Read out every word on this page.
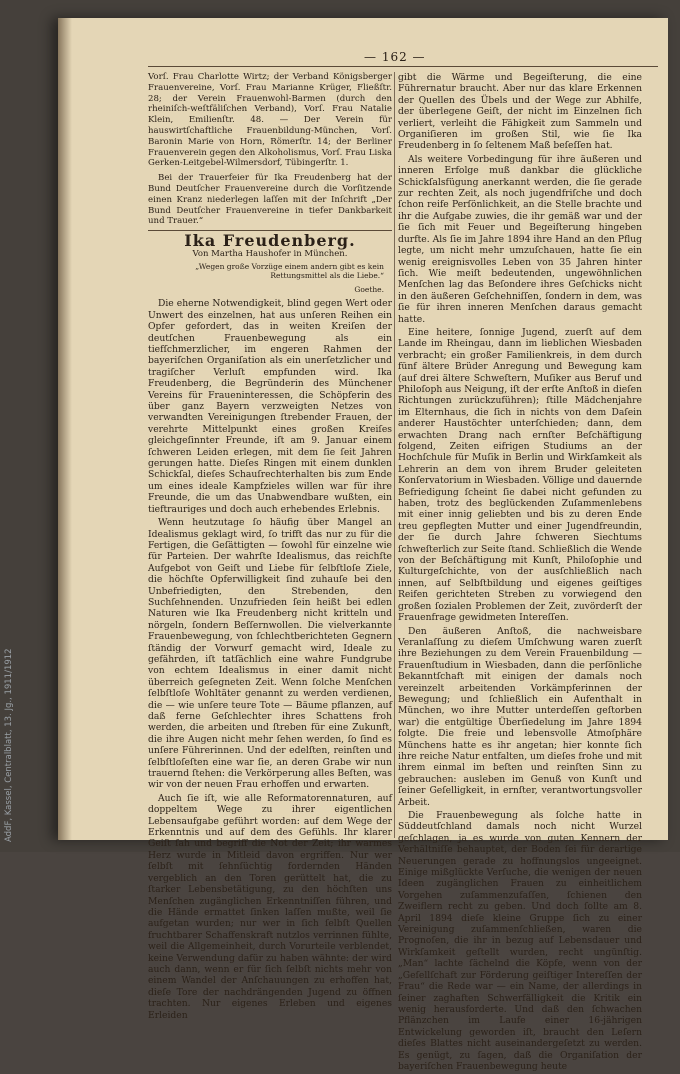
AddF, Kassel, Centralblatt, 13. Jg., 1911/1912
— 162 —

Vorſ. Frau Charlotte Wirtz; der Verband Königsberger Frauenvereine, Vorſ. Frau Marianne Krüger, Fließſtr. 28; der Verein Frauenwohl-Barmen (durch den rheiniſch-weſtfäliſchen Verband), Vorſ. Frau Natalie Klein, Emilienſtr. 48. — Der Verein für hauswirtſchaftliche Frauenbildung-München, Vorſ. Baronin Marie von Horn, Römerſtr. 14; der Berliner Frauenverein gegen den Alkoholismus, Vorſ. Frau Liska Gerken-Leitgebel-Wilmersdorf, Tübingerſtr. 1.

Bei der Trauerfeier für Ika Freudenberg hat der Bund Deutſcher Frauenvereine durch die Vorſitzende einen Kranz niederlegen laſſen mit der Inſchrift „Der Bund Deutſcher Frauenvereine in tiefer Dankbarkeit und Trauer.“

Ika Freudenberg.
Von Martha Haushofer in München.
„Wegen große Vorzüge einem andern gibt es kein Rettungsmittel als die Liebe.“
Goethe.

Die eherne Notwendigkeit, blind gegen Wert oder Unwert des einzelnen, hat aus unſeren Reihen ein Opfer gefordert, das in weiten Kreiſen der deutſchen Frauenbewegung als ein tiefſchmerzlicher, im engeren Rahmen der bayeriſchen Organiſation als ein unerſetzlicher und tragiſcher Verluſt empfunden wird. Ika Freudenberg, die Begründerin des Münchener Vereins für Fraueninteressen, die Schöpferin des über ganz Bayern verzweigten Netzes von verwandten Vereinigungen ſtrebender Frauen, der verehrte Mittelpunkt eines großen Kreiſes gleichgeſinnter Freunde, iſt am 9. Januar einem ſchweren Leiden erlegen, mit dem ſie ſeit Jahren gerungen hatte. Dieſes Ringen mit einem dunklen Schickſal, dieſes Schauſrechterhalten bis zum Ende um eines ideale Kampfzieles willen war für ihre Freunde, die um das Unabwendbare wußten, ein tieftrauriges und doch auch erhebendes Erlebnis.

Wenn heutzutage ſo häufig über Mangel an Idealismus geklagt wird, ſo trifft das nur zu für die Fertigen, die Geſättigten — ſowohl für einzelne wie für Parteien. Der wahrſte Idealismus, das reichſte Aufgebot von Geiſt und Liebe für ſelbſtloſe Ziele, die höchſte Opferwilligkeit ſind zuhauſe bei den Unbefriedigten, den Strebenden, den Suchſehnenden. Unzufrieden ſein heißt bei edlen Naturen wie Ika Freudenberg nicht kritteln und nörgeln, ſondern Beſſernwollen. Die vielverkannte Frauenbewegung, von ſchlechtberichteten Gegnern ſtändig der Vorwurf gemacht wird, Ideale zu gefährden, iſt tatſächlich eine wahre Fundgrube von echtem Idealismus in einer damit nicht überreich geſegneten Zeit. Wenn ſolche Menſchen ſelbſtloſe Wohltäter genannt zu werden verdienen, die — wie unſere teure Tote — Bäume pflanzen, auf daß ferne Geſchlechter ihres Schattens froh werden, die arbeiten und ſtreben für eine Zukunft, die ihre Augen nicht mehr ſehen werden, ſo ſind es unſere Führerinnen. Und der edelſten, reinſten und ſelbſtloſeſten eine war ſie, an deren Grabe wir nun trauernd ſtehen: die Verkörperung alles Beſten, was wir von der neuen Frau erhoffen und erwarten.

Auch ſie iſt, wie alle Reformatorennaturen, auf doppeltem Wege zu ihrer eigentlichen Lebensaufgabe geführt worden: auf dem Wege der Erkenntnis und auf dem des Gefühls. Ihr klarer Geiſt ſah und begriff die Not der Zeit; ihr warmes Herz wurde in Mitleid davon ergriffen. Nur wer ſelbſt mit ſehnſüchtig fordernden Händen vergeblich an den Toren gerüttelt hat, die zu ſtarker Lebensbetätigung, zu den höchſten uns Menſchen zugänglichen Erkenntniſſen führen, und die Hände ermattet ſinken laſſen mußte, weil ſie aufgetan wurden; nur wer in ſich ſelbſt Quellen fruchtbarer Schaffenskraft nutzlos verrinnen fühlte, weil die Allgemeinheit, durch Vorurteile verblendet, keine Verwendung dafür zu haben wähnte: der wird auch dann, wenn er für ſich ſelbſt nichts mehr von einem Wandel der Anſchauungen zu erhoffen hat, dieſe Tore der nachdrängenden Jugend zu öffnen trachten. Nur eigenes Erleben und eigenes Erleiden

gibt die Wärme und Begeiſterung, die eine Führernatur braucht. Aber nur das klare Erkennen der Quellen des Übels und der Wege zur Abhilfe, der überlegene Geiſt, der nicht im Einzelnen ſich verliert, verleiht die Fähigkeit zum Sammeln und Organiſieren im großen Stil, wie ſie Ika Freudenberg in ſo ſeltenem Maß beſeſſen hat.

Als weitere Vorbedingung für ihre äußeren und inneren Erfolge muß dankbar die glückliche Schickſalsfügung anerkannt werden, die ſie gerade zur rechten Zeit, als noch jugendfriſche und doch ſchon reife Perſönlichkeit, an die Stelle brachte und ihr die Aufgabe zuwies, die ihr gemäß war und der ſie ſich mit Feuer und Begeiſterung hingeben durfte. Als ſie im Jahre 1894 ihre Hand an den Pflug legte, um nicht mehr umzuſchauen, hatte ſie ein wenig ereignisvolles Leben von 35 Jahren hinter ſich. Wie meiſt bedeutenden, ungewöhnlichen Menſchen lag das Beſondere ihres Geſchicks nicht in den äußeren Geſchehniſſen, ſondern in dem, was ſie für ihren inneren Menſchen daraus gemacht hatte.

Eine heitere, ſonnige Jugend, zuerſt auf dem Lande im Rheingau, dann im lieblichen Wiesbaden verbracht; ein großer Familienkreis, in dem durch fünf ältere Brüder Anregung und Bewegung kam (auf drei ältere Schweſtern, Muſiker aus Beruf und Philoſoph aus Neigung, iſt der erſte Anſtoß in dieſen Richtungen zurückzuführen); ſtille Mädchenjahre im Elternhaus, die ſich in nichts von dem Daſein anderer Haustöchter unterſchieden; dann, dem erwachten Drang nach ernſter Beſchäftigung folgend, Zeiten eifrigen Studiums an der Hochſchule für Muſik in Berlin und Wirkſamkeit als Lehrerin an dem von ihrem Bruder geleiteten Konſervatorium in Wiesbaden. Völlige und dauernde Befriedigung ſcheint ſie dabei nicht gefunden zu haben, trotz des beglückenden Zuſammenlebens mit einer innig geliebten und bis zu deren Ende treu gepflegten Mutter und einer Jugendfreundin, der ſie durch Jahre ſchweren Siechtums ſchweſterlich zur Seite ſtand. Schließlich die Wende von der Beſchäftigung mit Kunſt, Philoſophie und Kulturgeſchichte, von der ausſchließlich nach innen, auf Selbſtbildung und eigenes geiſtiges Reifen gerichteten Streben zu vorwiegend den großen ſozialen Problemen der Zeit, zuvörderſt der Frauenfrage gewidmeten Intereſſen.

Den äußeren Anſtoß, die nachweisbare Veranlaſſung zu dieſem Umſchwung waren zuerſt ihre Beziehungen zu dem Verein Frauenbildung — Frauenſtudium in Wiesbaden, dann die perſönliche Bekanntſchaft mit einigen der damals noch vereinzelt arbeitenden Vorkämpferinnen der Bewegung; und ſchließlich ein Aufenthalt in München, wo ihre Mutter unterdeſſen geſtorben war) die entgültige Überſiedelung im Jahre 1894 folgte. Die freie und lebensvolle Atmoſphäre Münchens hatte es ihr angetan; hier konnte ſich ihre reiche Natur entfalten, um dieſes frohe und mit ihrem einmal im beſten und reinſten Sinn zu gebrauchen: ausleben im Genuß von Kunſt und ſeiner Geſelligkeit, in ernſter, verantwortungsvoller Arbeit.

Die Frauenbewegung als ſolche hatte in Süddeutſchland damals noch nicht Wurzel geſchlagen, ja es wurde von guten Kennern der Verhältniſſe behauptet, der Boden ſei für derartige Neuerungen gerade zu hoffnungslos ungeeignet. Einige mißglückte Verſuche, die wenigen der neuen Ideen zugänglichen Frauen zu einheitlichem Vorgehen zuſammenzufaſſen, ſchienen den Zweiflern recht zu geben. Und doch ſollte am 8. April 1894 dieſe kleine Gruppe ſich zu einer Vereinigung zuſammenſchließen, waren die Prognoſen, die ihr in bezug auf Lebensdauer und Wirkſamkeit geſtellt wurden, recht ungünſtig. „Man“ lachte ſächelnd die Köpfe, wenn von der „Geſellſchaft zur Förderung geiſtiger Intereſſen der Frau“ die Rede war — ein Name, der allerdings in ſeiner zaghaften Schwerfälligkeit die Kritik ein wenig herausforderte. Und daß den ſchwachen Pflänzchen im Laufe einer 16-jährigen Entwickelung geworden iſt, braucht den Leſern dieſes Blattes nicht auseinandergeſetzt zu werden. Es genügt, zu ſagen, daß die Organiſation der bayeriſchen Frauenbewegung heute
